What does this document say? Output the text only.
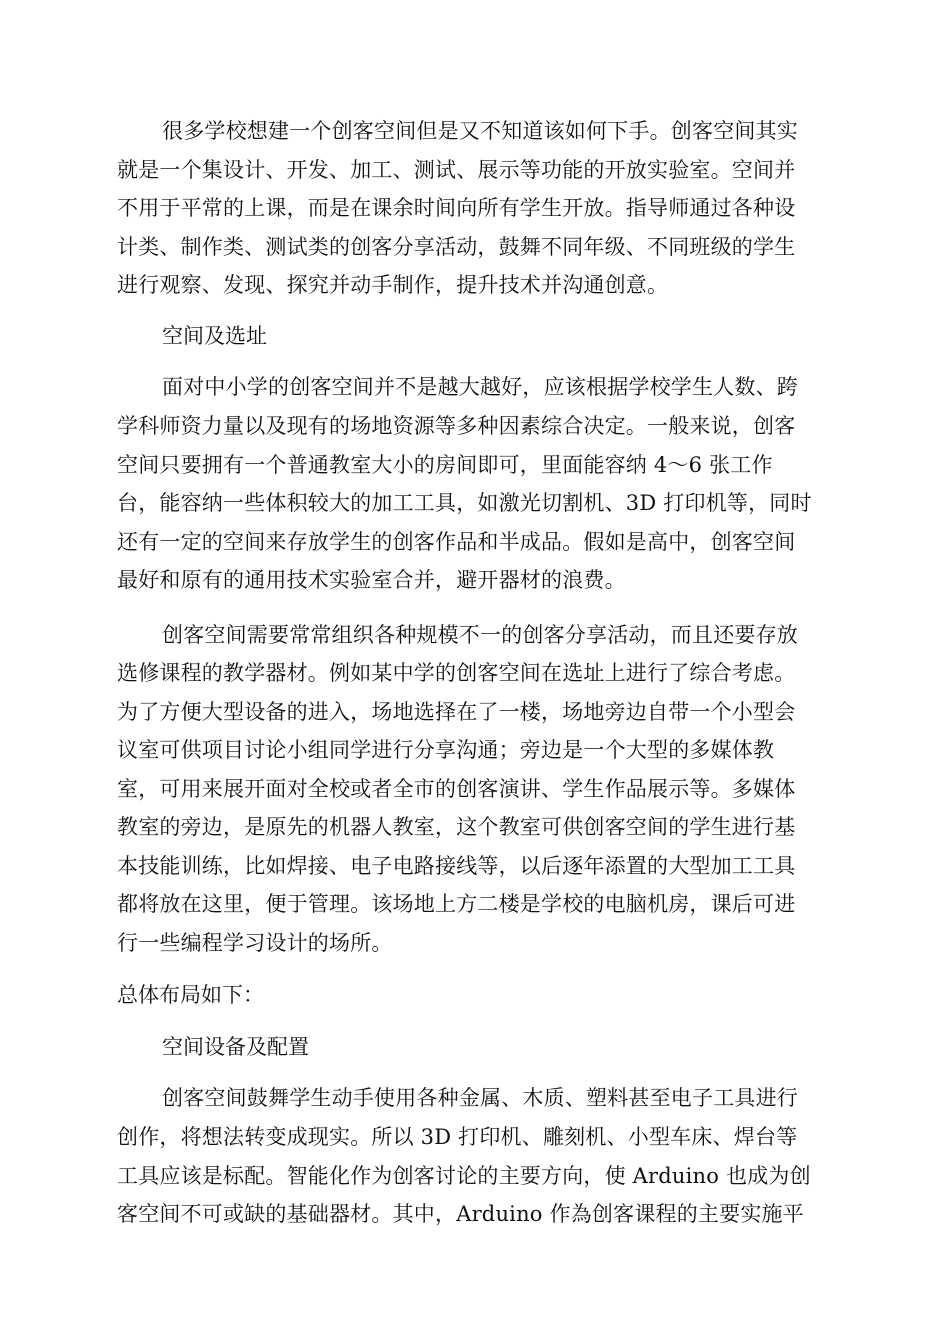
很多学校想建一个创客空间但是又不知道该如何下手。创客空间其实
就是一个集设计、开发、加工、测试、展示等功能的开放实验室。空间并
不用于平常的上课，而是在课余时间向所有学生开放。指导师通过各种设
计类、制作类、测试类的创客分享活动，鼓舞不同年级、不同班级的学生
进行观察、发现、探究并动手制作，提升技术并沟通创意。
空间及选址
面对中小学的创客空间并不是越大越好，应该根据学校学生人数、跨
学科师资力量以及现有的场地资源等多种因素综合决定。一般来说，创客
空间只要拥有一个普通教室大小的房间即可，里面能容纳 4～6 张工作
台，能容纳一些体积较大的加工工具，如激光切割机、3D 打印机等，同时
还有一定的空间来存放学生的创客作品和半成品。假如是高中，创客空间
最好和原有的通用技术实验室合并，避开器材的浪费。
创客空间需要常常组织各种规模不一的创客分享活动，而且还要存放
选修课程的教学器材。例如某中学的创客空间在选址上进行了综合考虑。
为了方便大型设备的进入，场地选择在了一楼，场地旁边自带一个小型会
议室可供项目讨论小组同学进行分享沟通；旁边是一个大型的多媒体教
室，可用来展开面对全校或者全市的创客演讲、学生作品展示等。多媒体
教室的旁边，是原先的机器人教室，这个教室可供创客空间的学生进行基
本技能训练，比如焊接、电子电路接线等，以后逐年添置的大型加工工具
都将放在这里，便于管理。该场地上方二楼是学校的电脑机房，课后可进
行一些编程学习设计的场所。
总体布局如下：
空间设备及配置
创客空间鼓舞学生动手使用各种金属、木质、塑料甚至电子工具进行
创作，将想法转变成现实。所以 3D 打印机、雕刻机、小型车床、焊台等
工具应该是标配。智能化作为创客讨论的主要方向，使 Arduino 也成为创
客空间不可或缺的基础器材。其中，Arduino 作為创客课程的主要实施平
